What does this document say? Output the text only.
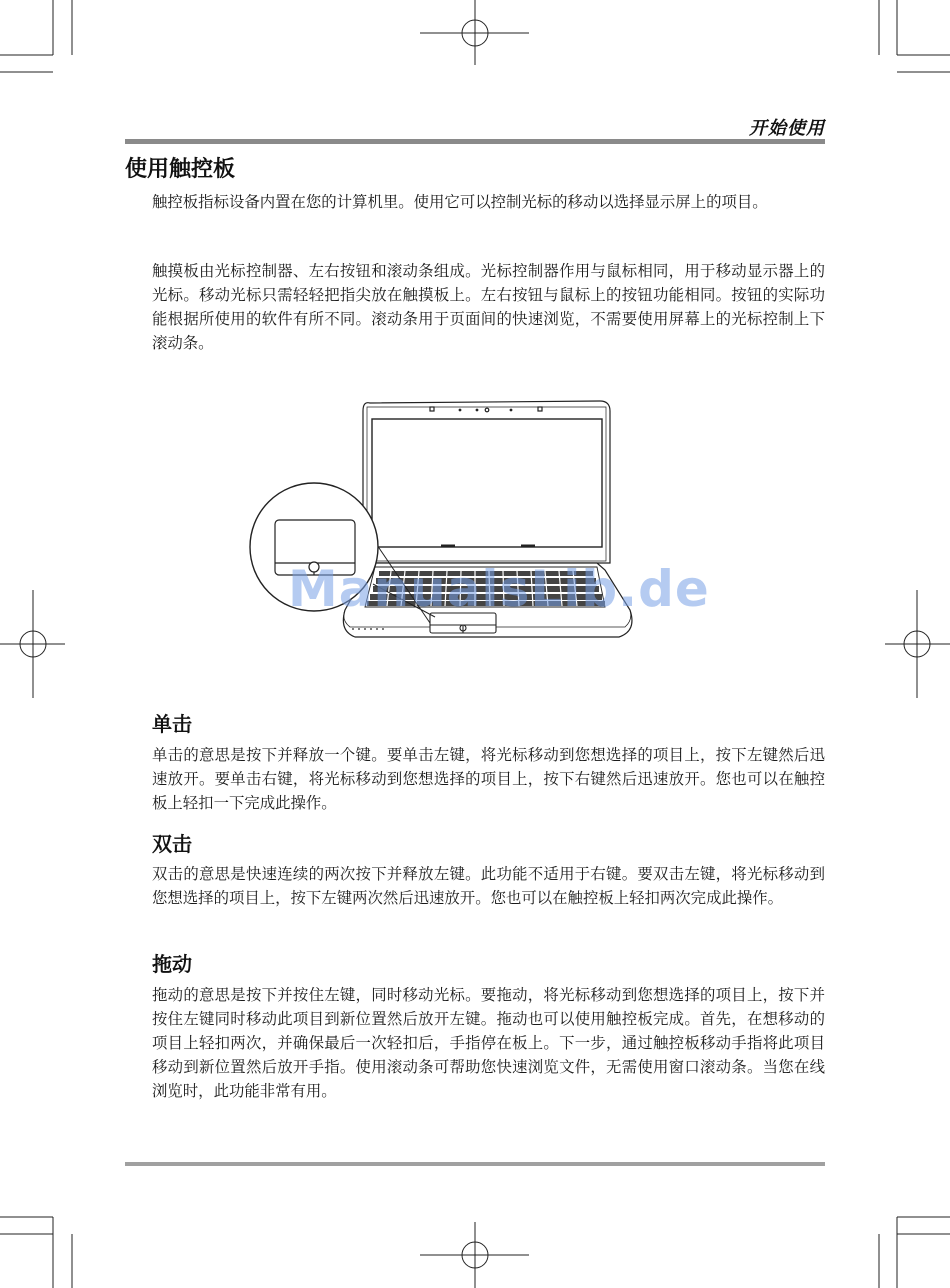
开始使用
使用触控板

触控板指标设备内置在您的计算机里。使用它可以控制光标的移动以选择显示屏上的项目。

触摸板由光标控制器、左右按钮和滚动条组成。光标控制器作用与鼠标相同，用于移动显示器上的光标。移动光标只需轻轻把指尖放在触摸板上。左右按钮与鼠标上的按钮功能相同。按钮的实际功能根据所使用的软件有所不同。滚动条用于页面间的快速浏览，不需要使用屏幕上的光标控制上下滚动条。

ManualsLib.de
单击

单击的意思是按下并释放一个键。要单击左键，将光标移动到您想选择的项目上，按下左键然后迅速放开。要单击右键，将光标移动到您想选择的项目上，按下右键然后迅速放开。您也可以在触控板上轻扣一下完成此操作。

双击

双击的意思是快速连续的两次按下并释放左键。此功能不适用于右键。要双击左键，将光标移动到您想选择的项目上，按下左键两次然后迅速放开。您也可以在触控板上轻扣两次完成此操作。

拖动

拖动的意思是按下并按住左键，同时移动光标。要拖动，将光标移动到您想选择的项目上，按下并按住左键同时移动此项目到新位置然后放开左键。拖动也可以使用触控板完成。首先，在想移动的项目上轻扣两次，并确保最后一次轻扣后，手指停在板上。下一步，通过触控板移动手指将此项目移动到新位置然后放开手指。使用滚动条可帮助您快速浏览文件，无需使用窗口滚动条。当您在线浏览时，此功能非常有用。
